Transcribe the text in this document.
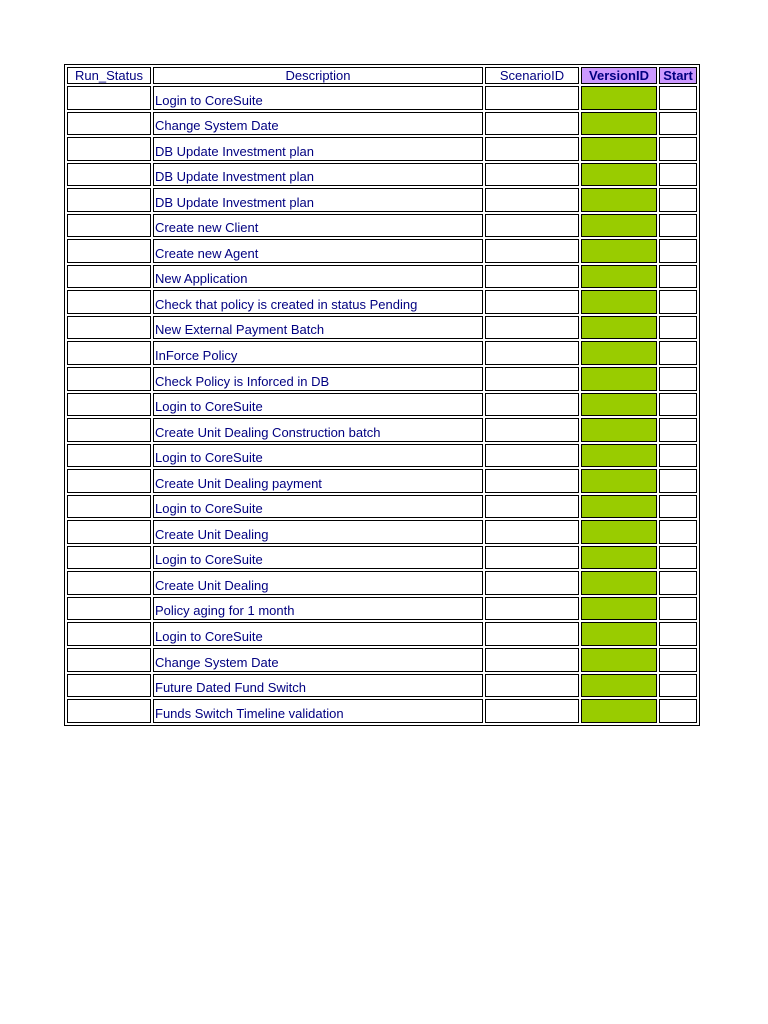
Run_Status	Description	ScenarioID	VersionID	Start
	Login to CoreSuite			
	Change System Date			
	DB Update Investment plan			
	DB Update Investment plan			
	DB Update Investment plan			
	Create new Client			
	Create new Agent			
	New Application			
	Check that policy is created in status Pending			
	New External Payment Batch			
	InForce Policy			
	Check Policy is Inforced in DB			
	Login to CoreSuite			
	Create Unit Dealing Construction batch			
	Login to CoreSuite			
	Create Unit Dealing payment			
	Login to CoreSuite			
	Create Unit Dealing			
	Login to CoreSuite			
	Create Unit Dealing			
	Policy aging for 1 month			
	Login to CoreSuite			
	Change System Date			
	Future Dated Fund Switch			
	Funds Switch Timeline validation			
